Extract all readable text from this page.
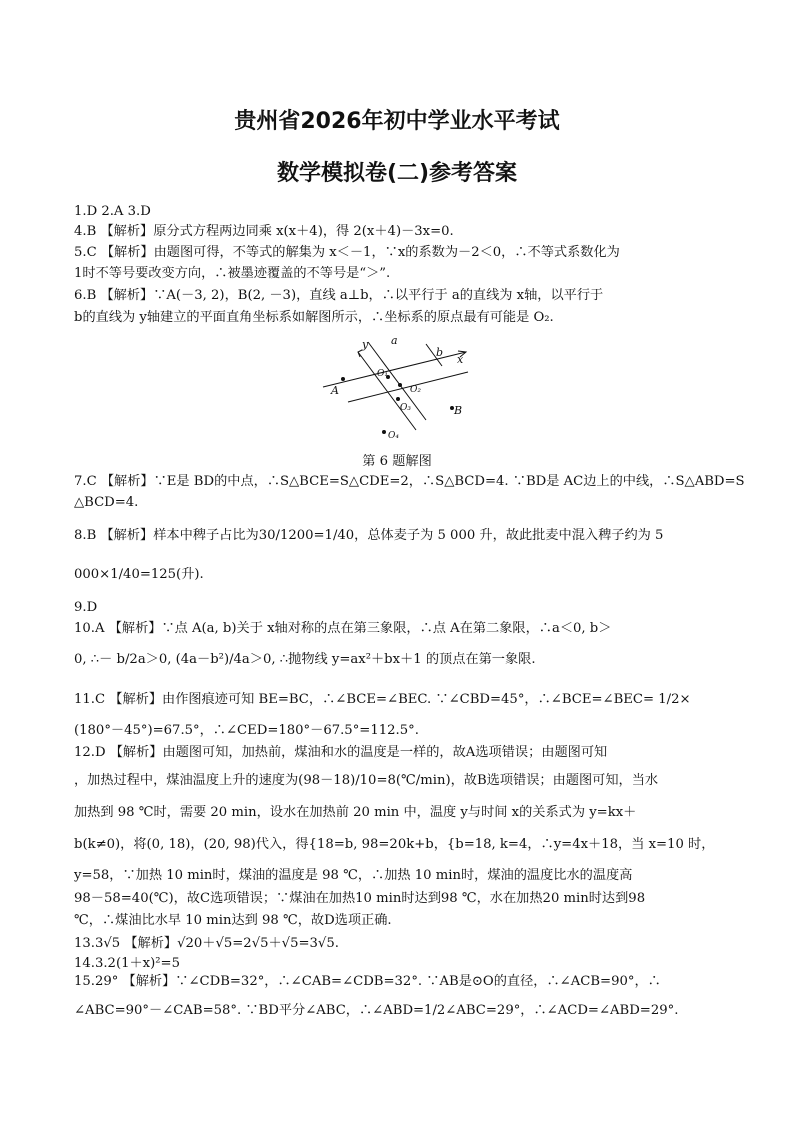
贵州省2026年初中学业水平考试
数学模拟卷(二)参考答案
1.D 2.A 3.D
4.B 【解析】原分式方程两边同乘 x(x＋4)，得 2(x＋4)－3x=0.
5.C 【解析】由题图可得，不等式的解集为 x＜－1，∵x的系数为－2＜0，∴不等式系数化为
1时不等号要改变方向，∴被墨迹覆盖的不等号是“＞”.
6.B 【解析】∵A(－3, 2)，B(2, －3)，直线 a⊥b，∴以平行于 a的直线为 x轴，以平行于
b的直线为 y轴建立的平面直角坐标系如解图所示，∴坐标系的原点最有可能是 O₂.
y a
b
x
A
O₁
O₂
O₃	B
O₄
第 6 题解图
7.C 【解析】∵E是 BD的中点，∴S△BCE=S△CDE=2，∴S△BCD=4. ∵BD是 AC边上的中线，∴S△ABD=S
△BCD=4.
8.B 【解析】样本中稗子占比为30/1200=1/40，总体麦子为 5 000 升，故此批麦中混入稗子约为 5
000×1/40=125(升).
9.D
10.A 【解析】∵点 A(a, b)关于 x轴对称的点在第三象限，∴点 A在第二象限，∴a＜0, b＞
0, ∴－ b/2a＞0, (4a－b²)/4a＞0, ∴抛物线 y=ax²＋bx＋1 的顶点在第一象限.
11.C 【解析】由作图痕迹可知 BE=BC，∴∠BCE=∠BEC. ∵∠CBD=45°，∴∠BCE=∠BEC= 1/2×
(180°－45°)=67.5°，∴∠CED=180°－67.5°=112.5°.
12.D 【解析】由题图可知，加热前，煤油和水的温度是一样的，故A选项错误；由题图可知
，加热过程中，煤油温度上升的速度为(98－18)/10=8(℃/min)，故B选项错误；由题图可知，当水
加热到 98 ℃时，需要 20 min，设水在加热前 20 min 中，温度 y与时间 x的关系式为 y=kx＋
b(k≠0)，将(0, 18)，(20, 98)代入，得{18=b, 98=20k+b，{b=18, k=4，∴y=4x＋18，当 x=10 时，
y=58，∵加热 10 min时，煤油的温度是 98 ℃，∴加热 10 min时，煤油的温度比水的温度高
98－58=40(℃)，故C选项错误；∵煤油在加热10 min时达到98 ℃，水在加热20 min时达到98
℃，∴煤油比水早 10 min达到 98 ℃，故D选项正确.
13.3√5 【解析】√20＋√5=2√5＋√5=3√5.
14.3.2(1＋x)²=5
15.29° 【解析】∵∠CDB=32°，∴∠CAB=∠CDB=32°. ∵AB是⊙O的直径，∴∠ACB=90°，∴
∠ABC=90°－∠CAB=58°. ∵BD平分∠ABC，∴∠ABD=1/2∠ABC=29°，∴∠ACD=∠ABD=29°.
